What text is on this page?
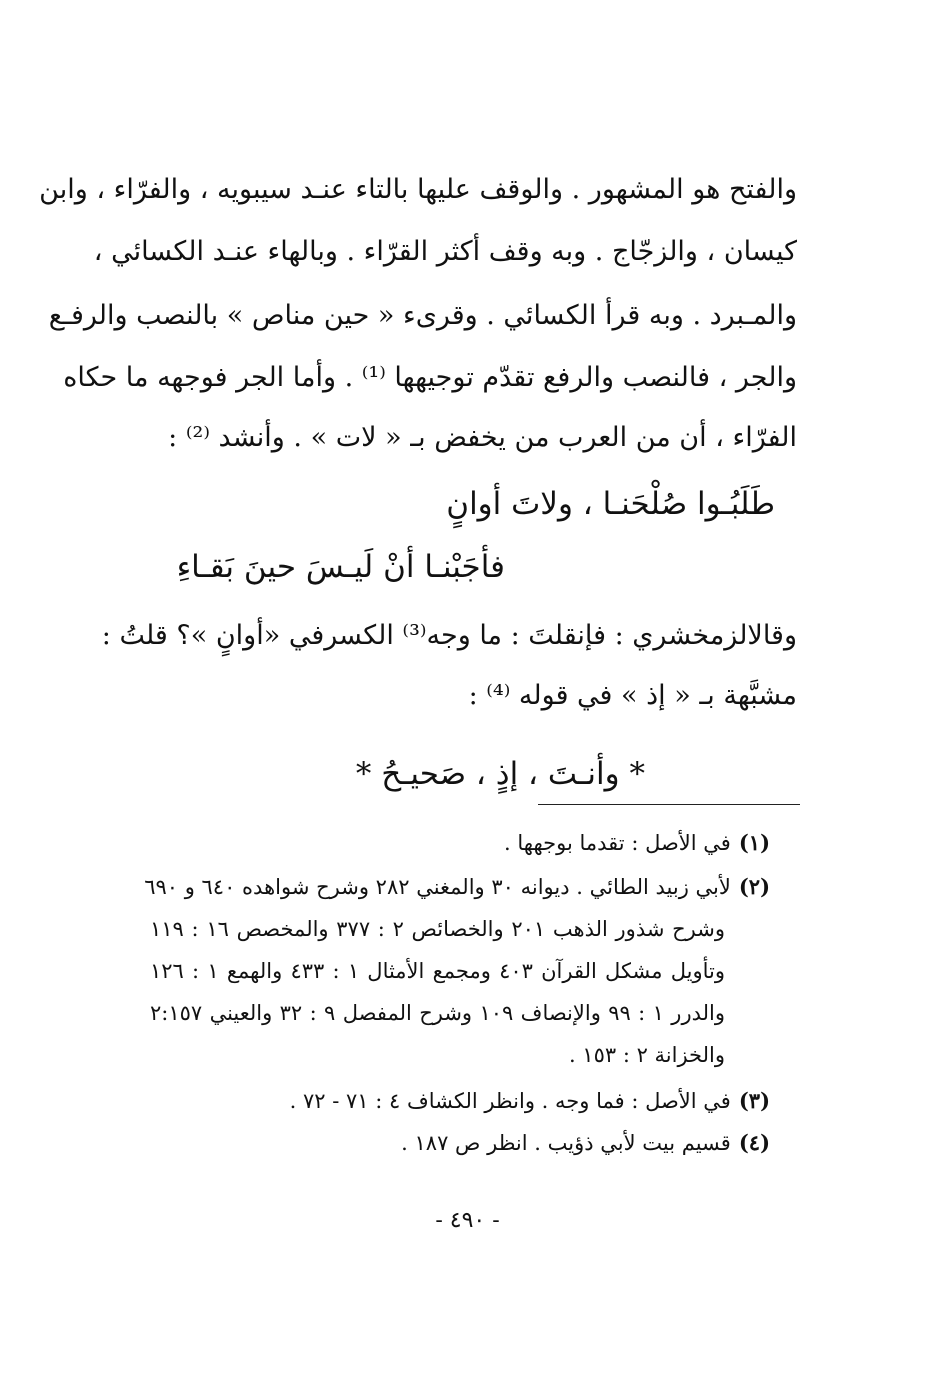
والفتح هو المشهور . والوقف عليها بالتاء عنـد سيبويه ، والفرّاء ، وابن
كيسان ، والزجّاج . وبه وقف أكثر القرّاء . وبالهاء عنـد الكسائي ،
والمـبرد . وبه قرأ الكسائي . وقرىء « حين مناص » بالنصب والرفـع
والجر ، فالنصب والرفع تقدّم توجيهها ⁽¹⁾ . وأما الجر فوجهه ما حكاه
الفرّاء ، أن من العرب من يخفض بـ « لات » . وأنشد ⁽²⁾ :
طَلَبُـوا صُلْحَنـا ، ولاتَ أوانٍ
فأجَبْنـا أنْ لَيـسَ حينَ بَقـاءِ
وقالالزمخشري : فإنقلتَ : ما وجه⁽³⁾ الكسرفي «أوانٍ »؟ قلتُ :
مشبَّهة بـ « إذ » في قوله ⁽⁴⁾ :
* وأنـتَ ، إذٍ ، صَحيـحُ *
(١)في الأصل : تقدما بوجهها .
(٢)لأبي زبيد الطائي . ديوانه ٣٠ والمغني ٢٨٢ وشرح شواهده ٦٤٠ و ٦٩٠
وشرح شذور الذهب ٢٠١ والخصائص ٢ : ٣٧٧ والمخصص ١٦ : ١١٩
وتأويل مشكل القرآن ٤٠٣ ومجمع الأمثال ١ : ٤٣٣ والهمع ١ : ١٢٦
والدرر ١ : ٩٩ والإنصاف ١٠٩ وشرح المفصل ٩ : ٣٢ والعيني ٢:١٥٧
والخزانة ٢ : ١٥٣ .
(٣)في الأصل : فما وجه . وانظر الكشاف ٤ : ٧١ - ٧٢ .
(٤)قسيم بيت لأبي ذؤيب . انظر ص ١٨٧ .
- ٤٩٠ -
